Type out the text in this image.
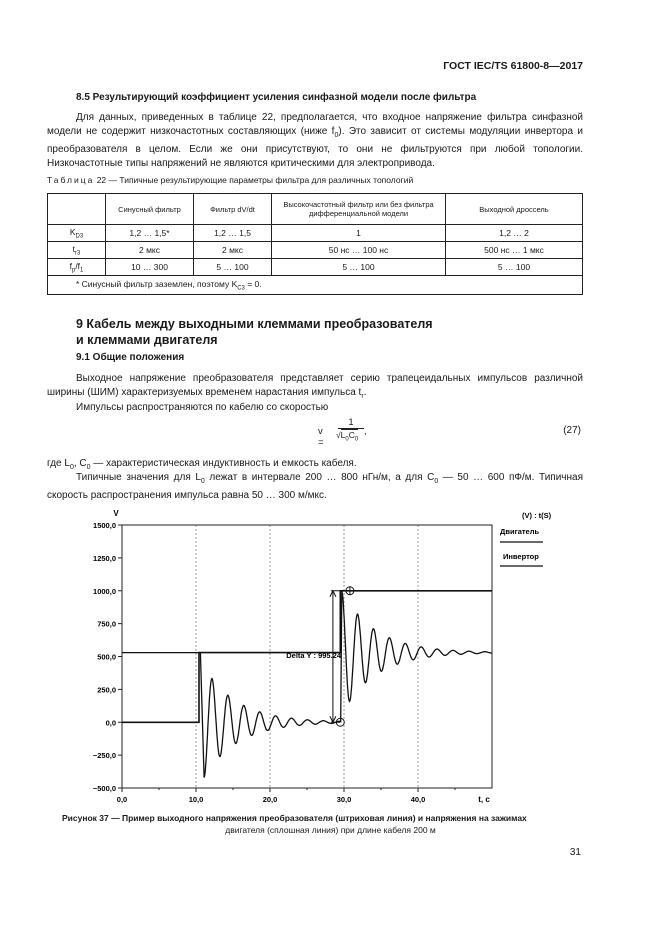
ГОСТ IEC/TS 61800-8—2017
8.5 Результирующий коэффициент усиления синфазной модели после фильтра
Для данных, приведенных в таблице 22, предполагается, что входное напряжение фильтра синфазной модели не содержит низкочастотных составляющих (ниже $f_0$). Это зависит от системы модуляции инвертора и преобразователя в целом. Если же они присутствуют, то они не фильтруются при любой топологии. Низкочастотные типы напряжений не являются критическими для электропривода.
Таблица 22 — Типичные результирующие параметры фильтра для различных топологий
	Синусный фильтр	Фильтр dV/dt	Высокочастотный фильтр или без фильтра дифференциальной модели	Выходной дроссель
$K_{D3}$	1,2 … 1,5*	1,2 … 1,5	1	1,2 … 2
$t_{r3}$	2 мкс	2 мкс	50 нс … 100 нс	500 нс … 1 мкс
$f_p/f_1$	10 … 300	5 … 100	5 … 100	5 … 100
* Синусный фильтр заземлен, поэтому $K_{C3} = 0$.				
9 Кабель между выходными клеммами преобразователя
и клеммами двигателя
9.1 Общие положения
Выходное напряжение преобразователя представляет серию трапецеидальных импульсов различной ширины (ШИМ) характеризуемых временем нарастания импульса $t_r$.
Импульсы распространяются по кабелю со скоростью
v =
1
$√L_0C_0$
,	(27)
где $L_0$, $C_0$ — характеристическая индуктивность и емкость кабеля.
Типичные значения для $L_0$ лежат в интервале 200 … 800 нГн/м, а для $C_0$ — 50 … 600 пФ/м. Типичная скорость распространения импульса равна 50 … 300 м/мкс.
V
t, c
1500,0
1250,0
1000,0
750,0
500,0
250,0
0,0
−250,0
−500,0
0,0	10,0	20,0	30,0	40,0
Delta Y : 995.24
(V) : t(S)
Двигатель
Инвертор
Рисунок 37 — Пример выходного напряжения преобразователя (штриховая линия) и напряжения на зажимах
двигателя (сплошная линия) при длине кабеля 200 м
31
